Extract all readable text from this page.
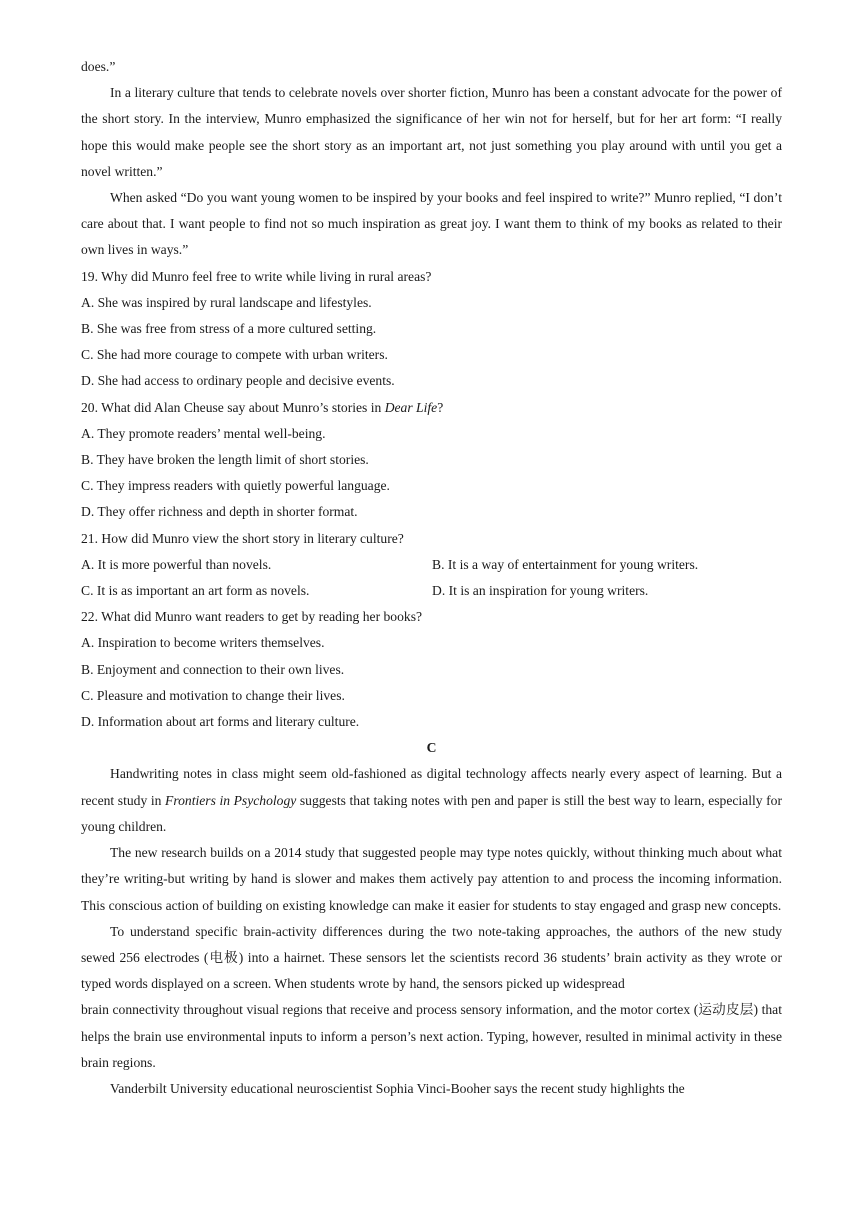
does.”

In a literary culture that tends to celebrate novels over shorter fiction, Munro has been a constant advocate for the power of the short story. In the interview, Munro emphasized the significance of her win not for herself, but for her art form: “I really hope this would make people see the short story as an important art, not just something you play around with until you get a novel written.”

When asked “Do you want young women to be inspired by your books and feel inspired to write?” Munro replied, “I don’t care about that. I want people to find not so much inspiration as great joy. I want them to think of my books as related to their own lives in ways.”

19. Why did Munro feel free to write while living in rural areas?

A. She was inspired by rural landscape and lifestyles.

B. She was free from stress of a more cultured setting.

C. She had more courage to compete with urban writers.

D. She had access to ordinary people and decisive events.

20. What did Alan Cheuse say about Munro’s stories in Dear Life?

A. They promote readers’ mental well-being.

B. They have broken the length limit of short stories.

C. They impress readers with quietly powerful language.

D. They offer richness and depth in shorter format.

21. How did Munro view the short story in literary culture?

A. It is more powerful than novels.	B. It is a way of entertainment for young writers.
C. It is as important an art form as novels.	D. It is an inspiration for young writers.

22. What did Munro want readers to get by reading her books?

A. Inspiration to become writers themselves.

B. Enjoyment and connection to their own lives.

C. Pleasure and motivation to change their lives.

D. Information about art forms and literary culture.

C

Handwriting notes in class might seem old-fashioned as digital technology affects nearly every aspect of learning. But a recent study in Frontiers in Psychology suggests that taking notes with pen and paper is still the best way to learn, especially for young children.

The new research builds on a 2014 study that suggested people may type notes quickly, without thinking much about what they’re writing-but writing by hand is slower and makes them actively pay attention to and process the incoming information. This conscious action of building on existing knowledge can make it easier for students to stay engaged and grasp new concepts.

To understand specific brain-activity differences during the two note-taking approaches, the authors of the new study sewed 256 electrodes (电极) into a hairnet. These sensors let the scientists record 36 students’ brain activity as they wrote or typed words displayed on a screen. When students wrote by hand, the sensors picked up widespread

brain connectivity throughout visual regions that receive and process sensory information, and the motor cortex (运动皮层) that helps the brain use environmental inputs to inform a person’s next action. Typing, however, resulted in minimal activity in these brain regions.

Vanderbilt University educational neuroscientist Sophia Vinci-Booher says the recent study highlights the
